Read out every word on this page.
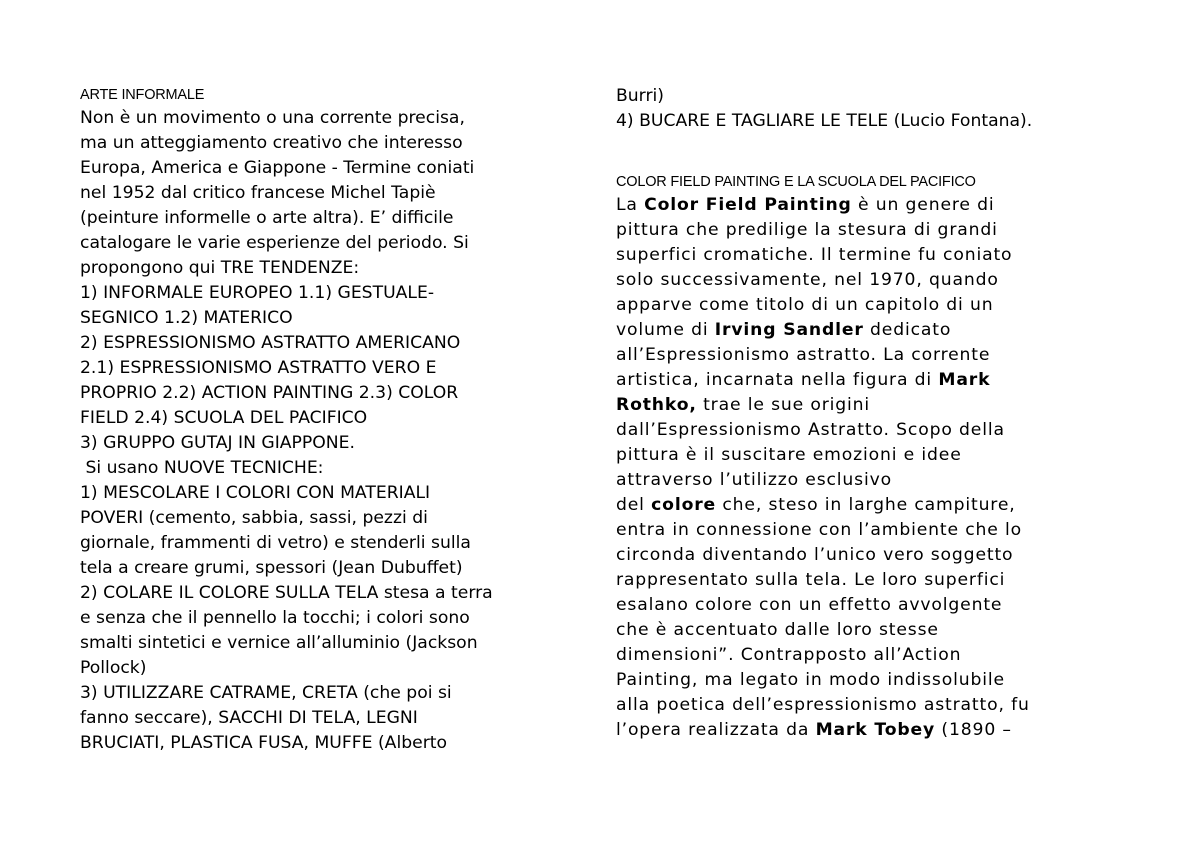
ARTE INFORMALE
Non è un movimento o una corrente precisa,
ma un atteggiamento creativo che interesso
Europa, America e Giappone - Termine coniati
nel 1952 dal critico francese Michel Tapiè
(peinture informelle o arte altra). E’ difficile
catalogare le varie esperienze del periodo. Si
propongono qui TRE TENDENZE:
1) INFORMALE EUROPEO 1.1) GESTUALE-
SEGNICO 1.2) MATERICO
2) ESPRESSIONISMO ASTRATTO AMERICANO
2.1) ESPRESSIONISMO ASTRATTO VERO E
PROPRIO 2.2) ACTION PAINTING 2.3) COLOR
FIELD 2.4) SCUOLA DEL PACIFICO
3) GRUPPO GUTAJ IN GIAPPONE.
Si usano NUOVE TECNICHE:
1) MESCOLARE I COLORI CON MATERIALI
POVERI (cemento, sabbia, sassi, pezzi di
giornale, frammenti di vetro) e stenderli sulla
tela a creare grumi, spessori (Jean Dubuffet)
2) COLARE IL COLORE SULLA TELA stesa a terra
e senza che il pennello la tocchi; i colori sono
smalti sintetici e vernice all’alluminio (Jackson
Pollock)
3) UTILIZZARE CATRAME, CRETA (che poi si
fanno seccare), SACCHI DI TELA, LEGNI
BRUCIATI, PLASTICA FUSA, MUFFE (Alberto
Burri)
4) BUCARE E TAGLIARE LE TELE (Lucio Fontana).
COLOR FIELD PAINTING E LA SCUOLA DEL PACIFICO
La Color Field Painting è un genere di
pittura che predilige la stesura di grandi
superfici cromatiche. Il termine fu coniato
solo successivamente, nel 1970, quando
apparve come titolo di un capitolo di un
volume di Irving Sandler dedicato
all’Espressionismo astratto. La corrente
artistica, incarnata nella figura di Mark
Rothko, trae le sue origini
dall’Espressionismo Astratto. Scopo della
pittura è il suscitare emozioni e idee
attraverso l’utilizzo esclusivo
del colore che, steso in larghe campiture,
entra in connessione con l’ambiente che lo
circonda diventando l’unico vero soggetto
rappresentato sulla tela. Le loro superfici
esalano colore con un effetto avvolgente
che è accentuato dalle loro stesse
dimensioni”. Contrapposto all’Action
Painting, ma legato in modo indissolubile
alla poetica dell’espressionismo astratto, fu
l’opera realizzata da Mark Tobey (1890 –
